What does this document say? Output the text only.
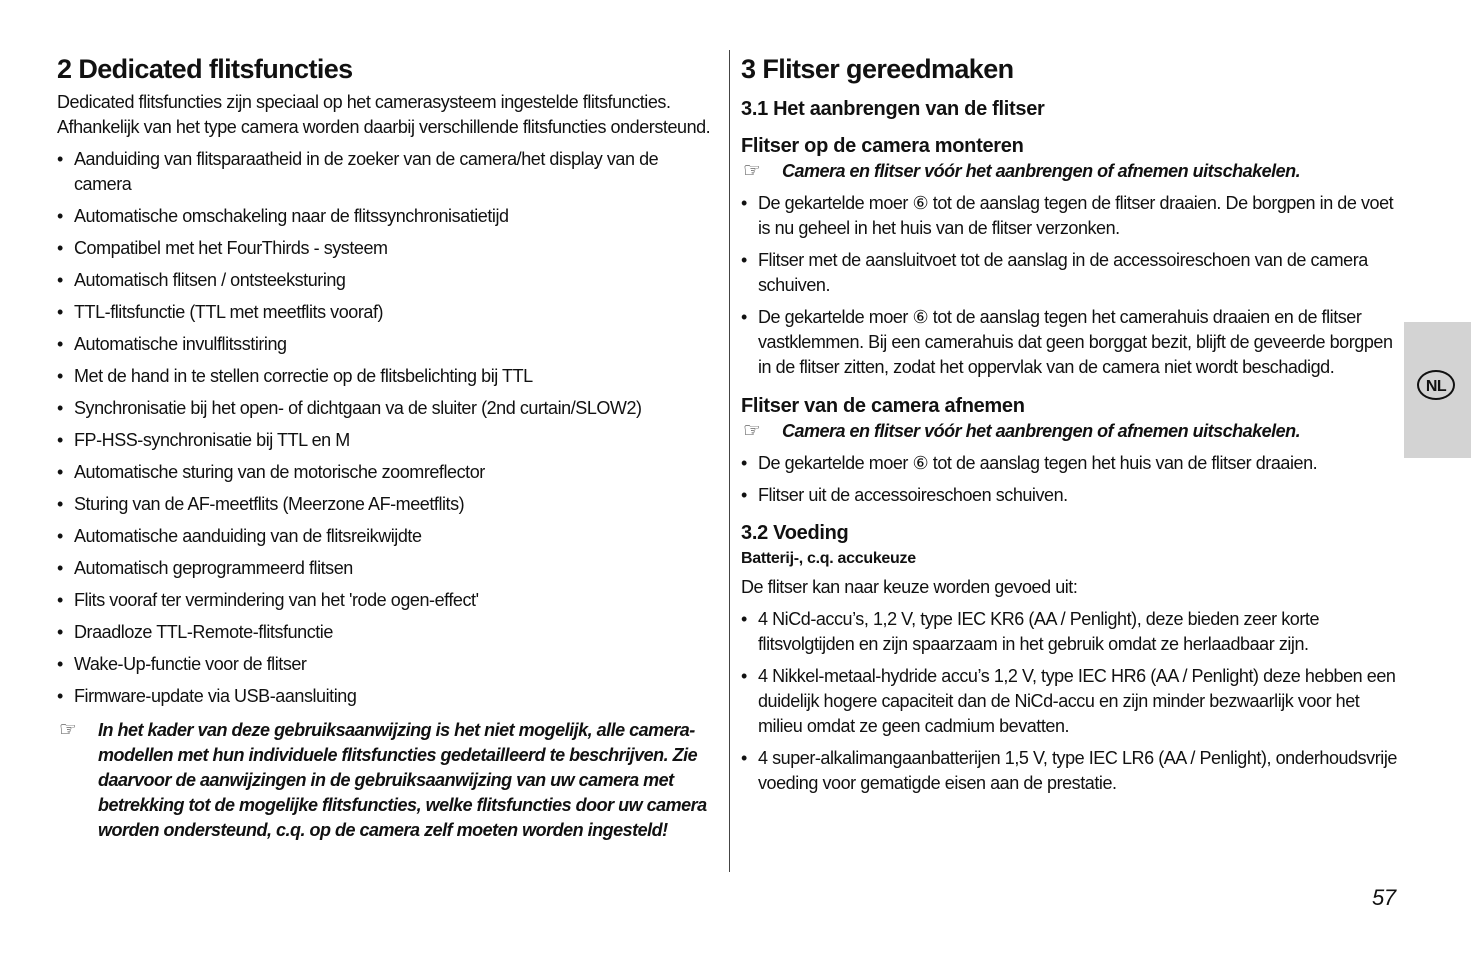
2 Dedicated flitsfuncties

Dedicated flitsfuncties zijn speciaal op het camerasysteem ingestelde flitsfuncties. Afhankelijk van het type camera worden daarbij verschillende flitsfuncties ondersteund.

• Aanduiding van flitsparaatheid in de zoeker van de camera/het display van de camera
• Automatische omschakeling naar de flitssynchronisatietijd
• Compatibel met het FourThirds - systeem
• Automatisch flitsen / ontsteeksturing
• TTL-flitsfunctie (TTL met meetflits vooraf)
• Automatische invulflitsstiring
• Met de hand in te stellen correctie op de flitsbelichting bij TTL
• Synchronisatie bij het open- of dichtgaan va de sluiter (2nd curtain/SLOW2)
• FP-HSS-synchronisatie bij TTL en M
• Automatische sturing van de motorische zoomreflector
• Sturing van de AF-meetflits (Meerzone AF-meetflits)
• Automatische aanduiding van de flitsreikwijdte
• Automatisch geprogrammeerd flitsen
• Flits vooraf ter vermindering van het 'rode ogen-effect'
• Draadloze TTL-Remote-flitsfunctie
• Wake-Up-functie voor de flitser
• Firmware-update via USB-aansluiting
☞ In het kader van deze gebruiksaanwijzing is het niet mogelijk, alle cameramodellen met hun individuele flitsfuncties gedetailleerd te beschrijven. Zie daarvoor de aanwijzingen in de gebruiksaanwijzing van uw camera met betrekking tot de mogelijke flitsfuncties, welke flitsfuncties door uw camera worden ondersteund, c.q. op de camera zelf moeten worden ingesteld!
3 Flitser gereedmaken
3.1 Het aanbrengen van de flitser
Flitser op de camera monteren
☞ Camera en flitser vóór het aanbrengen of afnemen uitschakelen.
• De gekartelde moer ⑥ tot de aanslag tegen de flitser draaien. De borgpen in de voet is nu geheel in het huis van de flitser verzonken.
• Flitser met de aansluitvoet tot de aanslag in de accessoireschoen van de camera schuiven.
• De gekartelde moer ⑥ tot de aanslag tegen het camerahuis draaien en de flitser vastklemmen. Bij een camerahuis dat geen borggat bezit, blijft de geveerde borgpen in de flitser zitten, zodat het oppervlak van de camera niet wordt beschadigd.
Flitser van de camera afnemen
☞ Camera en flitser vóór het aanbrengen of afnemen uitschakelen.
• De gekartelde moer ⑥ tot de aanslag tegen het huis van de flitser draaien.
• Flitser uit de accessoireschoen schuiven.
3.2 Voeding
Batterij-, c.q. accukeuze

De flitser kan naar keuze worden gevoed uit:

• 4 NiCd-accu’s, 1,2 V, type IEC KR6 (AA / Penlight), deze bieden zeer korte flitsvolgtijden en zijn spaarzaam in het gebruik omdat ze herlaadbaar zijn.
• 4 Nikkel-metaal-hydride accu’s 1,2 V, type IEC HR6 (AA / Penlight) deze hebben een duidelijk hogere capaciteit dan de NiCd-accu en zijn minder bezwaarlijk voor het milieu omdat ze geen cadmium bevatten.
• 4 super-alkalimangaanbatterijen 1,5 V, type IEC LR6 (AA / Penlight), onderhoudsvrije voeding voor gematigde eisen aan de prestatie.
NL
57
